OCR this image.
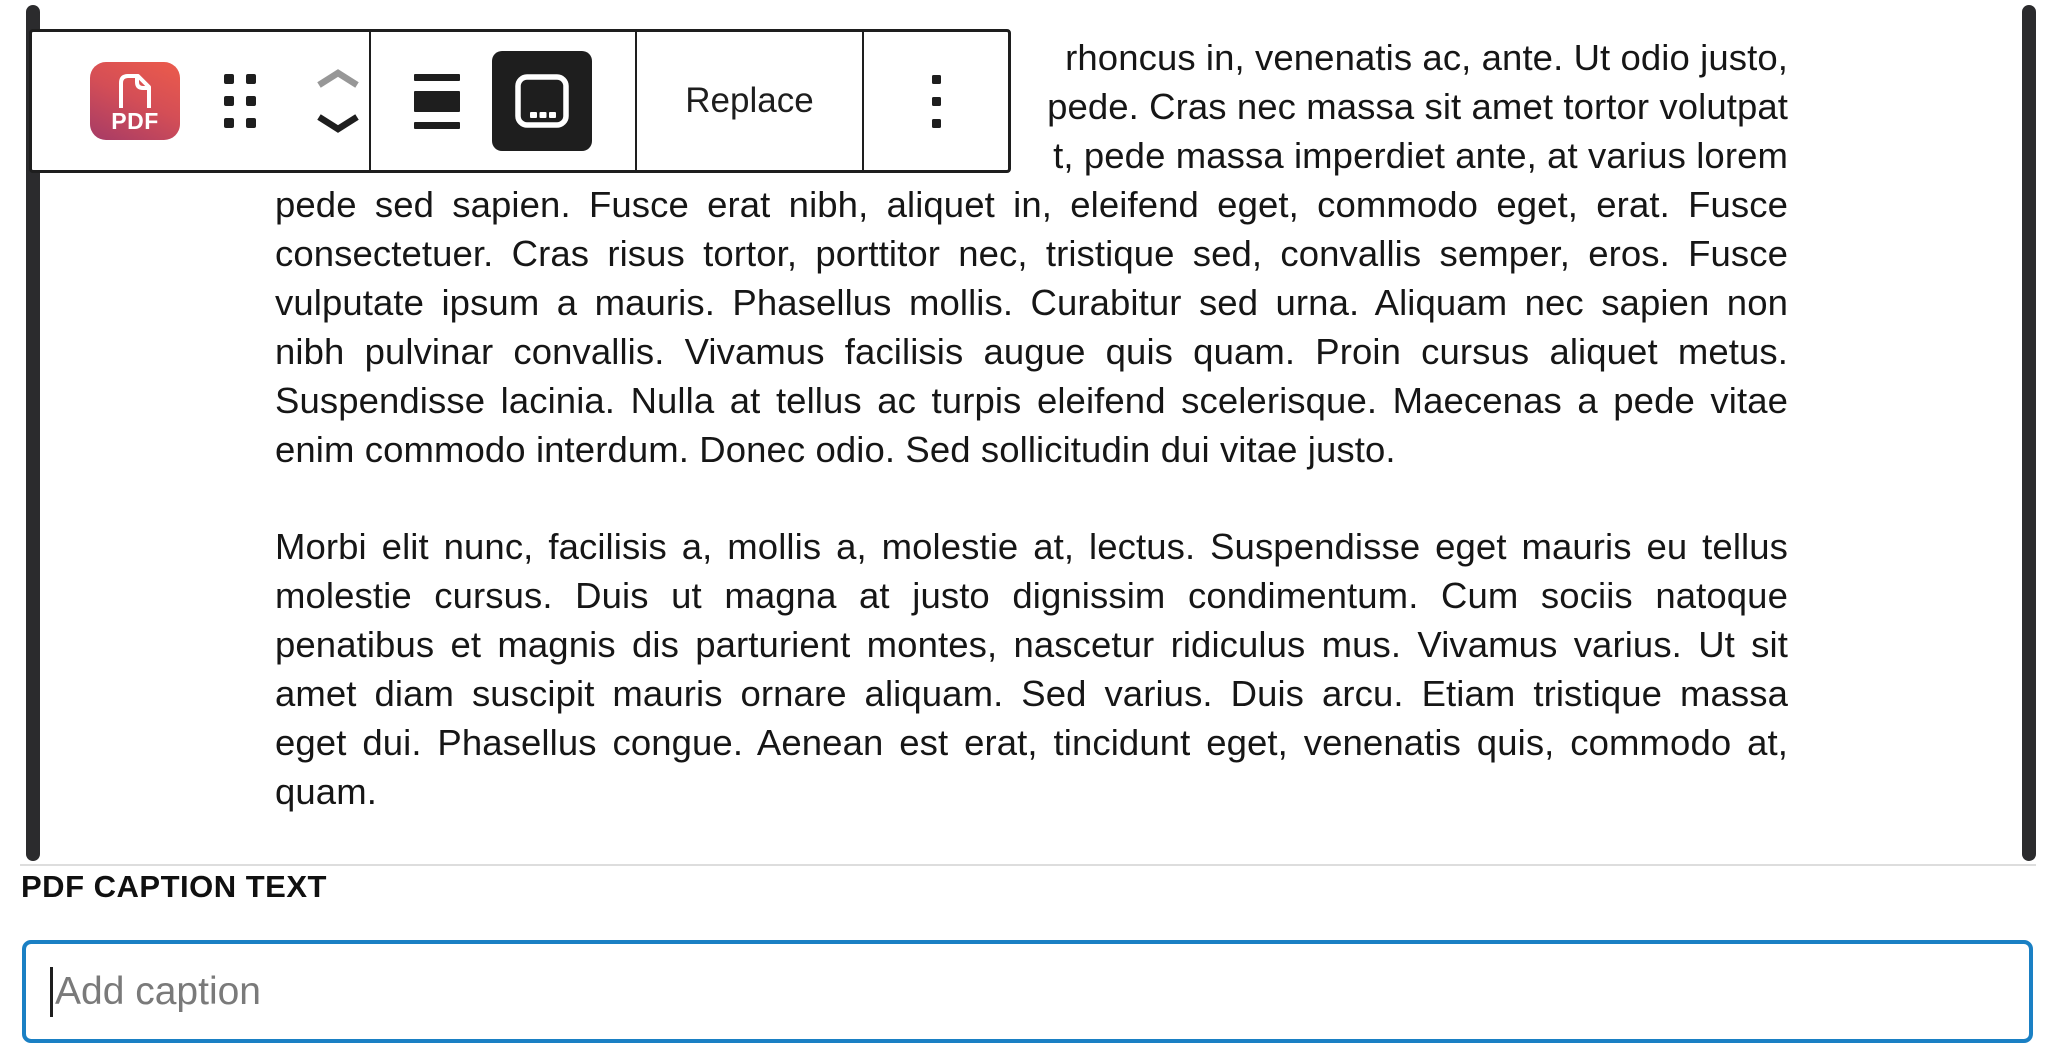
rhoncus in, venenatis ac, ante. Ut odio justo,
pede. Cras nec massa sit amet tortor volutpat
t, pede massa imperdiet ante, at varius lorem
pede sed sapien. Fusce erat nibh, aliquet in, eleifend eget, commodo eget, erat. Fusce
consectetuer. Cras risus tortor, porttitor nec, tristique sed, convallis semper, eros. Fusce
vulputate ipsum a mauris. Phasellus mollis. Curabitur sed urna. Aliquam nec sapien non
nibh pulvinar convallis. Vivamus facilisis augue quis quam. Proin cursus aliquet metus.
Suspendisse lacinia. Nulla at tellus ac turpis eleifend scelerisque. Maecenas a pede vitae
enim commodo interdum. Donec odio. Sed sollicitudin dui vitae justo.
Morbi elit nunc, facilisis a, mollis a, molestie at, lectus. Suspendisse eget mauris eu tellus
molestie cursus. Duis ut magna at justo dignissim condimentum. Cum sociis natoque
penatibus et magnis dis parturient montes, nascetur ridiculus mus. Vivamus varius. Ut sit
amet diam suscipit mauris ornare aliquam. Sed varius. Duis arcu. Etiam tristique massa
eget dui. Phasellus congue. Aenean est erat, tincidunt eget, venenatis quis, commodo at,
quam.
PDF
Replace
PDF CAPTION TEXT
Add caption
